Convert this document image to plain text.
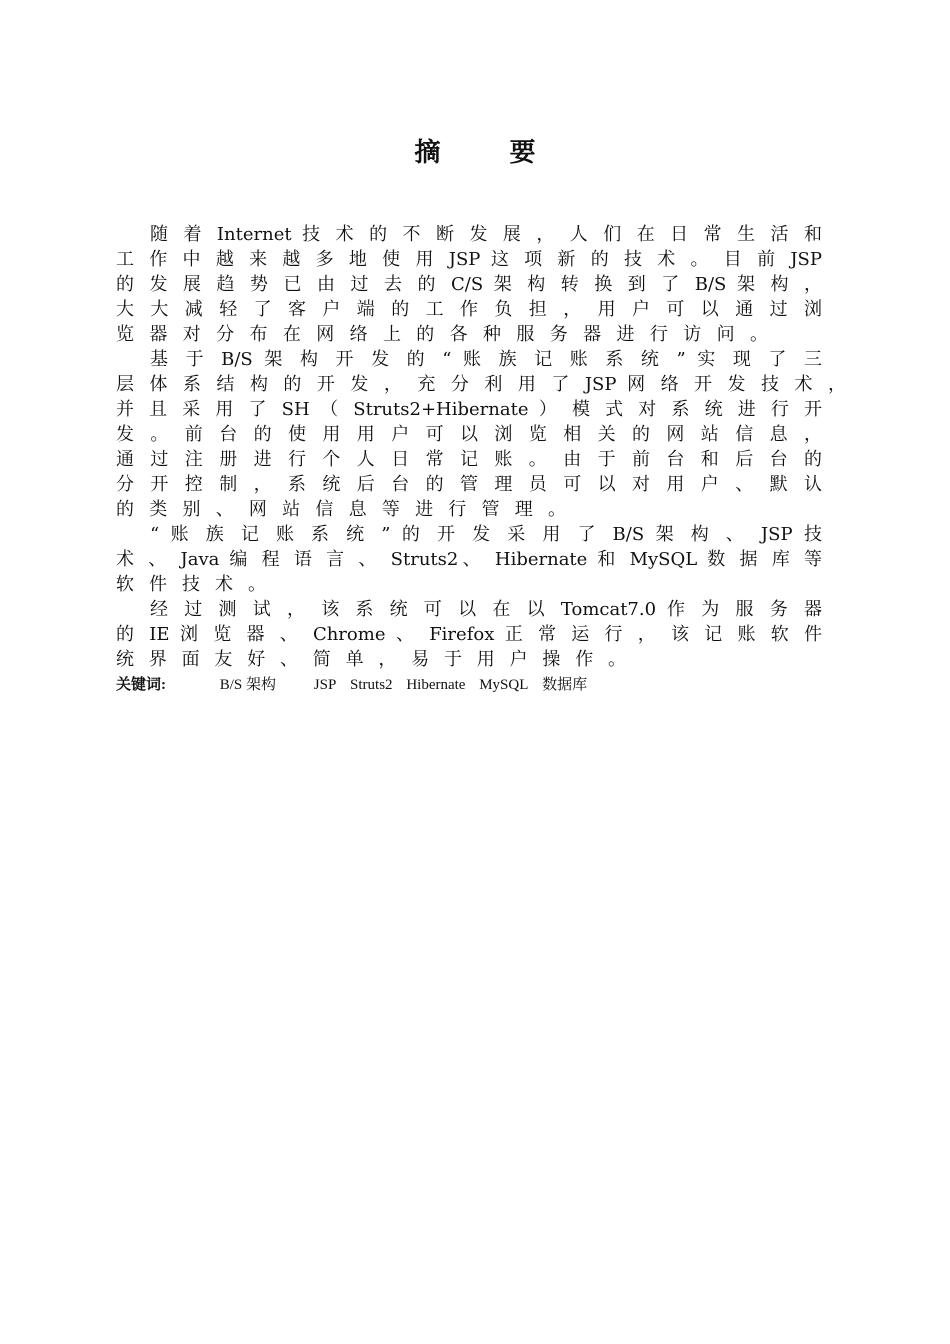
摘 要
随 着 Internet 技 术 的 不 断 发 展 ， 人 们 在 日 常 生 活 和
工 作 中 越 来 越 多 地 使 用 JSP 这 项 新 的 技 术 。 目 前 JSP
的 发 展 趋 势 已 由 过 去 的 C/S 架 构 转 换 到 了 B/S 架 构 ，
大 大 减 轻 了 客 户 端 的 工 作 负 担 ， 用 户 可 以 通 过 浏
览 器 对 分 布 在 网 络 上 的 各 种 服 务 器 进 行 访 问 。
基 于 B/S 架 构 开 发 的 “ 账 族 记 账 系 统 ” 实 现 了 三
层 体 系 结 构 的 开 发 ， 充 分 利 用 了 JSP 网 络 开 发 技 术 ，
并 且 采 用 了 SH （ Struts2+Hibernate ） 模 式 对 系 统 进 行 开
发 。 前 台 的 使 用 用 户 可 以 浏 览 相 关 的 网 站 信 息 ，
通 过 注 册 进 行 个 人 日 常 记 账 。 由 于 前 台 和 后 台 的
分 开 控 制 ， 系 统 后 台 的 管 理 员 可 以 对 用 户 、 默 认
的 类 别 、 网 站 信 息 等 进 行 管 理 。
“ 账 族 记 账 系 统 ” 的 开 发 采 用 了 B/S 架 构 、 JSP 技
术 、 Java 编 程 语 言 、 Struts2、 Hibernate 和 MySQL 数 据 库 等
软 件 技 术 。
经 过 测 试 ， 该 系 统 可 以 在 以 Tomcat7.0 作 为 服 务 器
的 IE 浏 览 器 、 Chrome 、 Firefox 正 常 运 行 ， 该 记 账 软 件
统 界 面 友 好 、 简 单 ， 易 于 用 户 操 作 。
关键词:	B/S 架构	JSP Struts2 Hibernate MySQL 数据库
